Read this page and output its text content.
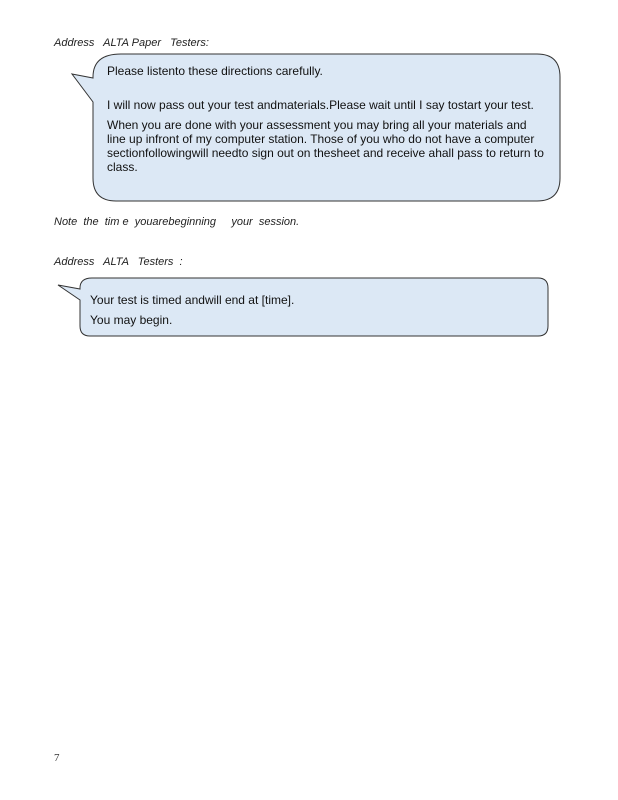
Address   ALTA Paper   Testers:

Please listento these directions carefully.

I will now pass out your test andmaterials.Please wait until I say tostart your test.

When you are done with your assessment you may bring all your materials and line up infront of my computer station. Those of you who do not have a computer sectionfollowingwill needto sign out on thesheet and receive ahall pass to return to class.

Note  the  tim e  youarebeginning     your  session.
Address   ALTA   Testers  :

Your test is timed andwill end at [time].

You may begin.

7
